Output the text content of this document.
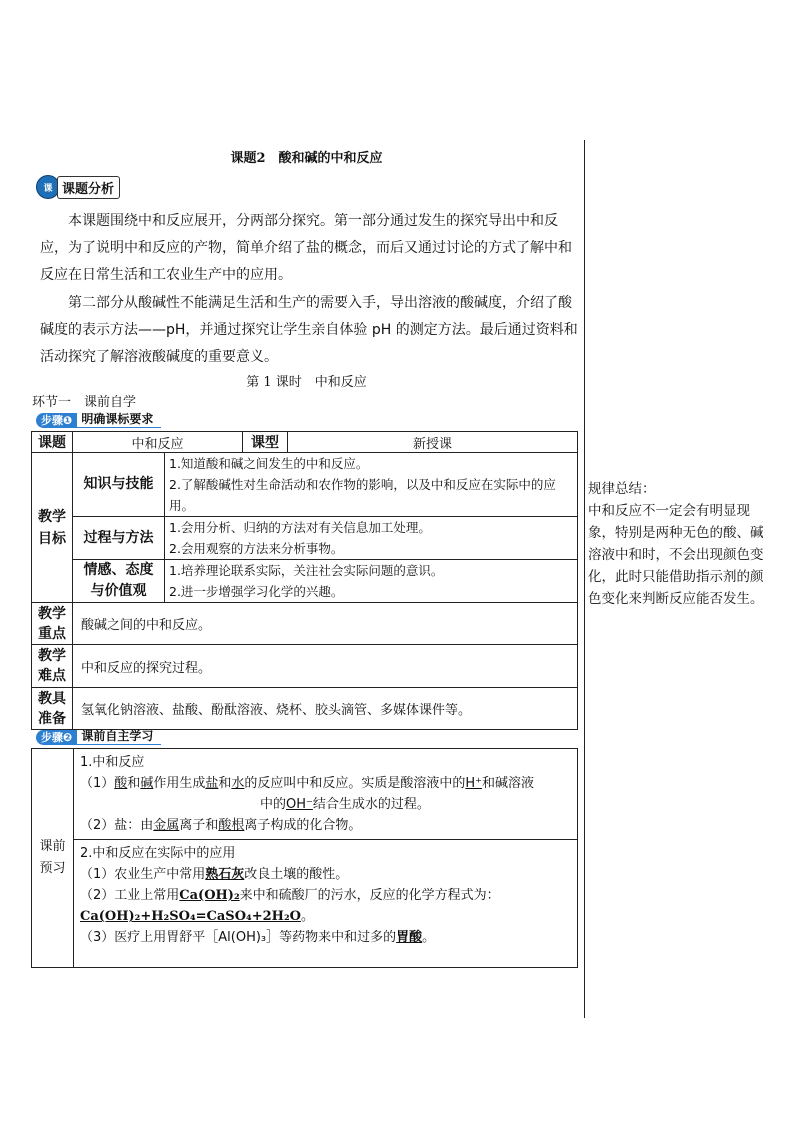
课题2　酸和碱的中和反应
课 课题分析
本课题围绕中和反应展开，分两部分探究。第一部分通过发生的探究导出中和反应，为了说明中和反应的产物，简单介绍了盐的概念，而后又通过讨论的方式了解中和反应在日常生活和工农业生产中的应用。
第二部分从酸碱性不能满足生活和生产的需要入手，导出溶液的酸碱度，介绍了酸碱度的表示方法——pH，并通过探究让学生亲自体验 pH 的测定方法。最后通过资料和活动探究了解溶液酸碱度的重要意义。
第 1 课时　中和反应
环节一　课前自学
步骤❶ 明确课标要求
课题	中和反应		课型	新授课
教学目标	知识与技能	1.知道酸和碱之间发生的中和反应。
2.了解酸碱性对生命活动和农作物的影响，以及中和反应在实际中的应用。		

	过程与方法	1.会用分析、归纳的方法对有关信息加工处理。
2.会用观察的方法来分析事物。		

	情感、态度与价值观	1.培养理论联系实际，关注社会实际问题的意识。
2.进一步增强学习化学的兴趣。		

教学重点	酸碱之间的中和反应。			
教学难点	中和反应的探究过程。			
教具准备	氢氧化钠溶液、盐酸、酚酞溶液、烧杯、胶头滴管、多媒体课件等。			
步骤❷ 课前自主学习
课前预习	
1.中和反应
（1）酸和碱作用生成盐和水的反应叫中和反应。实质是酸溶液中的H⁺和碱溶液
中的OH⁻结合生成水的过程。
（2）盐：由金属离子和酸根离子构成的化合物。

2.中和反应在实际中的应用
（1）农业生产中常用熟石灰改良土壤的酸性。
（2）工业上常用Ca(OH)₂来中和硫酸厂的污水，反应的化学方程式为：
Ca(OH)₂+H₂SO₄=CaSO₄+2H₂O。
（3）医疗上用胃舒平［Al(OH)₃］等药物来中和过多的胃酸。
规律总结：
中和反应不一定会有明显现象，特别是两种无色的酸、碱溶液中和时，不会出现颜色变化，此时只能借助指示剂的颜色变化来判断反应能否发生。
